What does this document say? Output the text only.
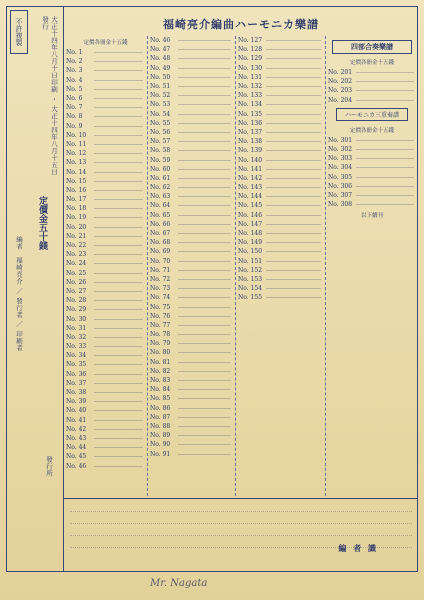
不許複製	大正十四年八月十日印刷 ・ 大正十四年八月十五日發行
定價金五十錢
編者　福崎亮介 ／ 發行者 ／ 印刷者
發行所
福崎亮介編曲ハーモニカ樂譜
定價各冊金十五錢
No. 1
No. 2
No. 3
No. 4
No. 5
No. 6
No. 7
No. 8
No. 9
No. 10
No. 11
No. 12
No. 13
No. 14
No. 15
No. 16
No. 17
No. 18
No. 19
No. 20
No. 21
No. 22
No. 23
No. 24
No. 25
No. 26
No. 27
No. 28
No. 29
No. 30
No. 31
No. 32
No. 33
No. 34
No. 35
No. 36
No. 37
No. 38
No. 39
No. 40
No. 41
No. 42
No. 43
No. 44
No. 45
No. 46
No. 46
No. 47
No. 48
No. 49
No. 50
No. 51
No. 52
No. 53
No. 54
No. 55
No. 56
No. 57
No. 58
No. 59
No. 60
No. 61
No. 62
No. 63
No. 64
No. 65
No. 66
No. 67
No. 68
No. 69
No. 70
No. 71
No. 72
No. 73
No. 74
No. 75
No. 76
No. 77
No. 78
No. 79
No. 80
No. 81
No. 82
No. 83
No. 84
No. 85
No. 86
No. 87
No. 88
No. 89
No. 90
No. 91
No. 127
No. 128
No. 129
No. 130
No. 131
No. 132
No. 133
No. 134
No. 135
No. 136
No. 137
No. 138
No. 139
No. 140
No. 141
No. 142
No. 143
No. 144
No. 145
No. 146
No. 147
No. 148
No. 149
No. 150
No. 151
No. 152
No. 153
No. 154
No. 155
四部合奏樂譜
定價各冊金十五錢
No. 201
No. 202
No. 203
No. 204
ハーモニカ三重奏譜
定價各冊金十五錢
No. 301
No. 302
No. 303
No. 304
No. 305
No. 306
No. 307
No. 308
以下續刊
編 者 識
Mr. Nagata
